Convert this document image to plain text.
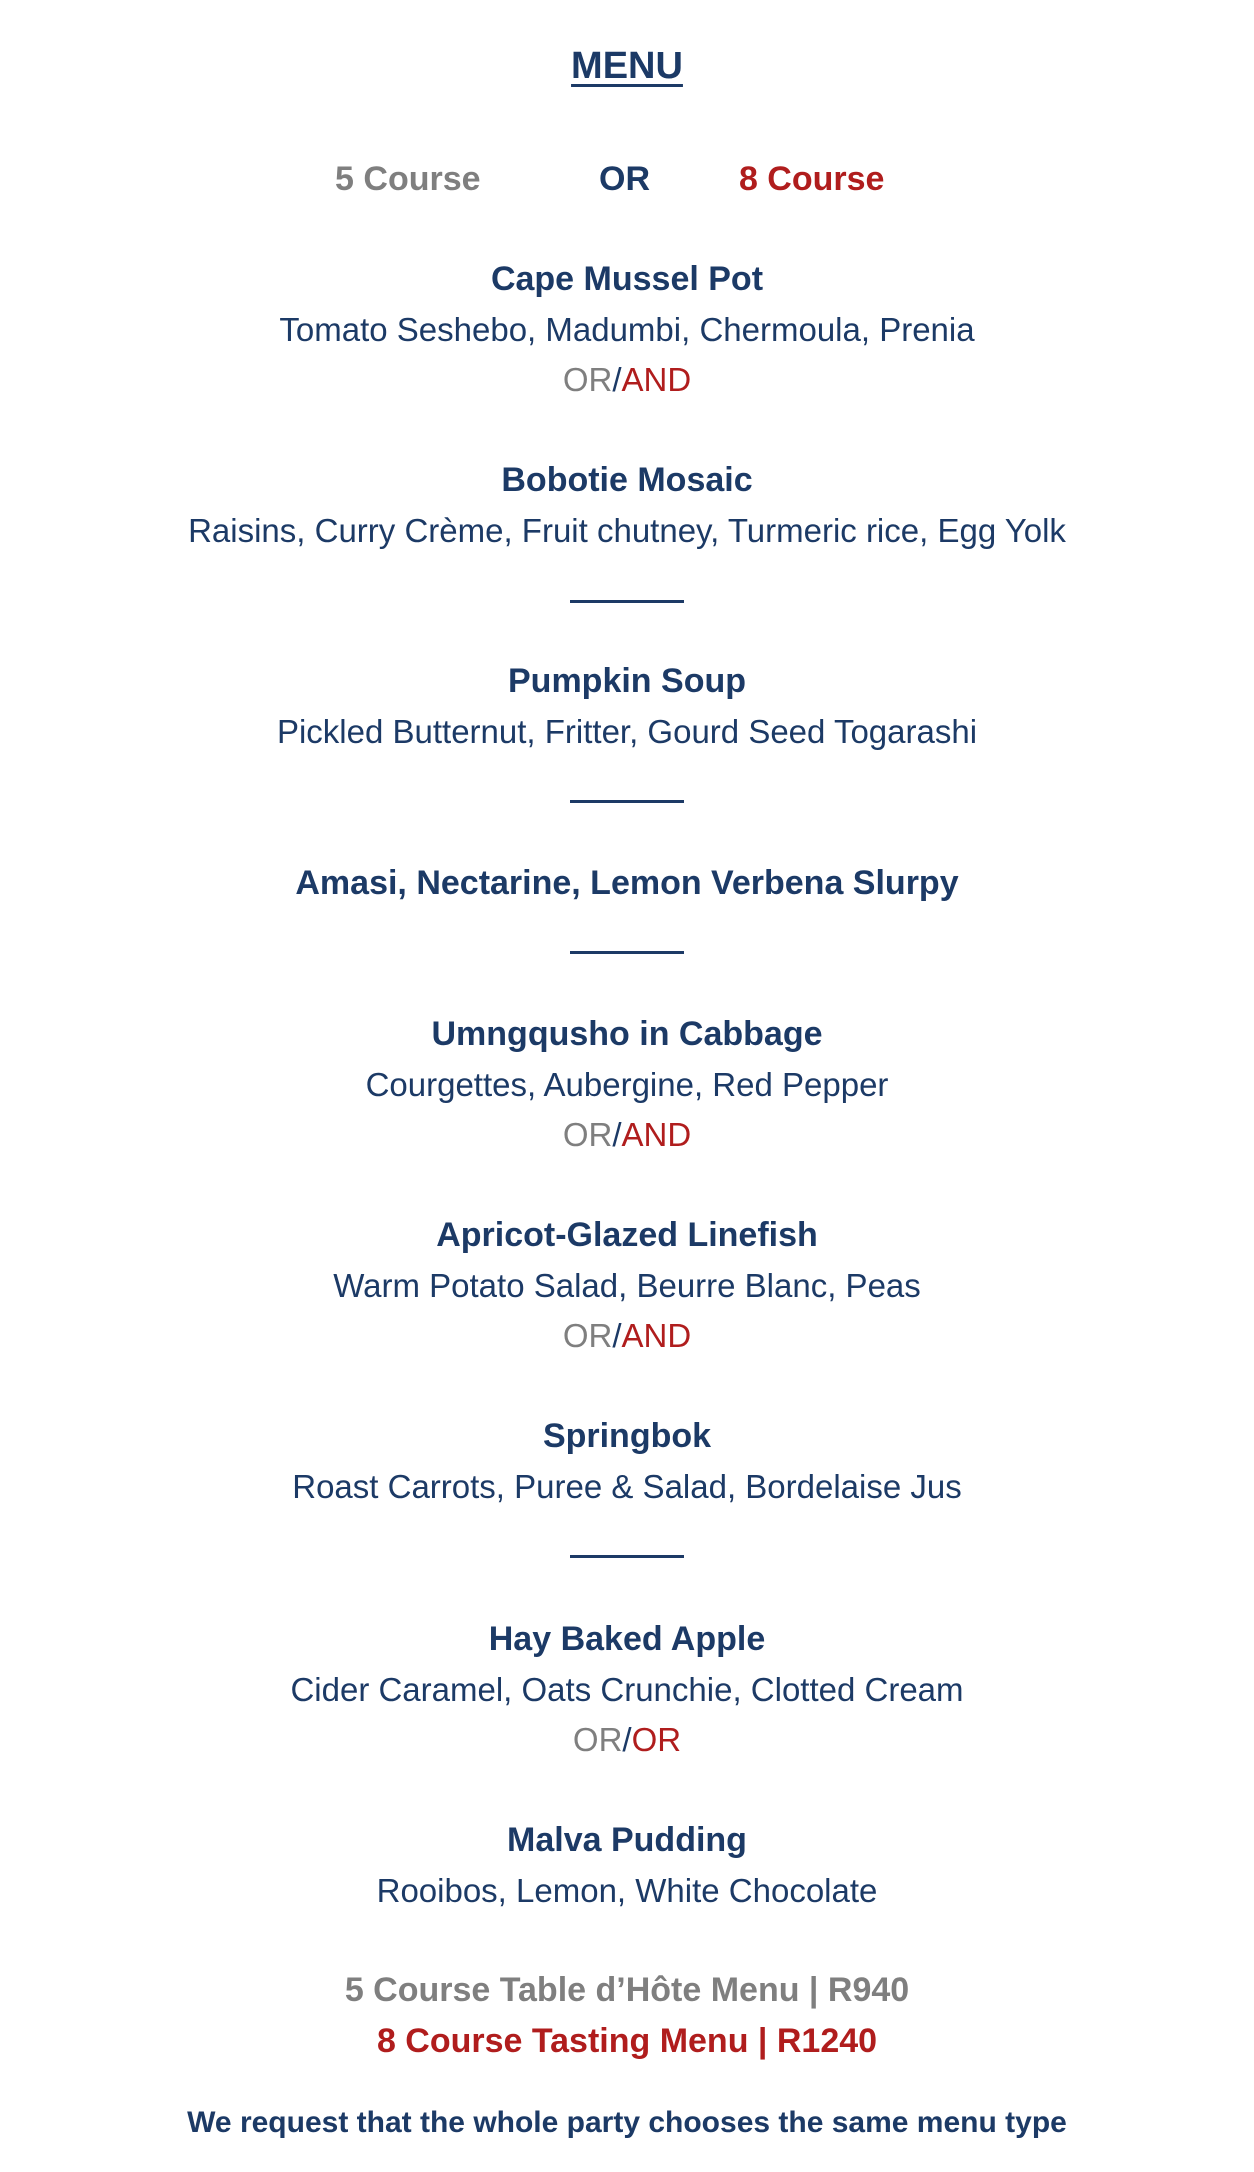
MENU
5 Course	OR	8 Course
Cape Mussel Pot
Tomato Seshebo, Madumbi, Chermoula, Prenia
OR/AND
Bobotie Mosaic
Raisins, Curry Crème, Fruit chutney, Turmeric rice, Egg Yolk
Pumpkin Soup
Pickled Butternut, Fritter, Gourd Seed Togarashi
Amasi, Nectarine, Lemon Verbena Slurpy
Umngqusho in Cabbage
Courgettes, Aubergine, Red Pepper
OR/AND
Apricot-Glazed Linefish
Warm Potato Salad, Beurre Blanc, Peas
OR/AND
Springbok
Roast Carrots, Puree & Salad, Bordelaise Jus
Hay Baked Apple
Cider Caramel, Oats Crunchie, Clotted Cream
OR/OR
Malva Pudding
Rooibos, Lemon, White Chocolate
5 Course Table d’Hôte Menu | R940
8 Course Tasting Menu | R1240
We request that the whole party chooses the same menu type
